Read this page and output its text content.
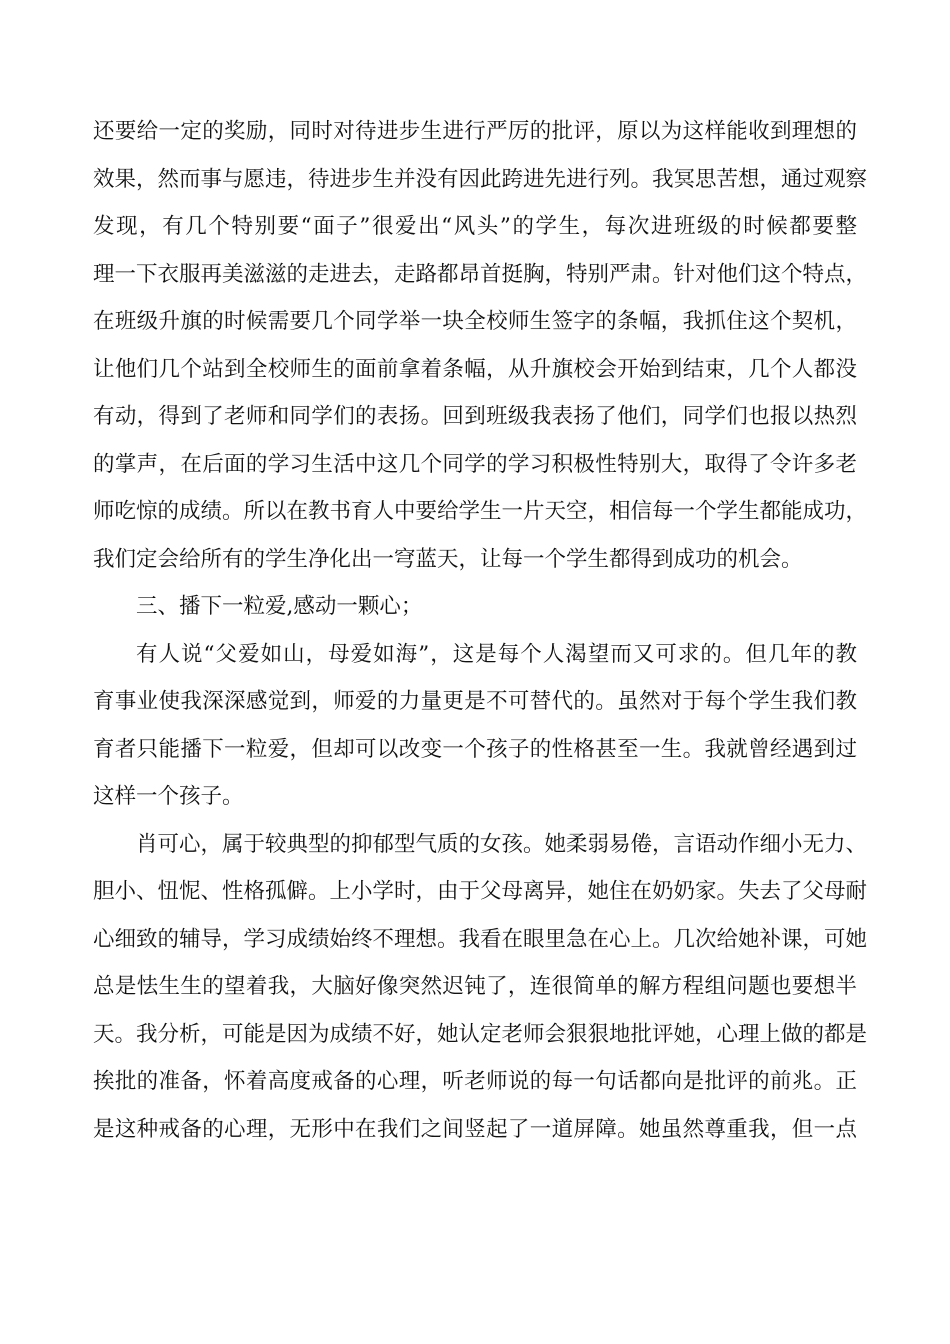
还要给一定的奖励，同时对待进步生进行严厉的批评，原以为这样能收到理想的
效果，然而事与愿违，待进步生并没有因此跨进先进行列。我冥思苦想，通过观察
发现，有几个特别要“面子”很爱出“风头”的学生，每次进班级的时候都要整
理一下衣服再美滋滋的走进去，走路都昂首挺胸，特别严肃。针对他们这个特点，
在班级升旗的时候需要几个同学举一块全校师生签字的条幅，我抓住这个契机，
让他们几个站到全校师生的面前拿着条幅，从升旗校会开始到结束，几个人都没
有动，得到了老师和同学们的表扬。回到班级我表扬了他们，同学们也报以热烈
的掌声，在后面的学习生活中这几个同学的学习积极性特别大，取得了令许多老
师吃惊的成绩。所以在教书育人中要给学生一片天空，相信每一个学生都能成功，
我们定会给所有的学生净化出一穹蓝天，让每一个学生都得到成功的机会。
三、播下一粒爱,感动一颗心；
有人说“父爱如山，母爱如海”，这是每个人渴望而又可求的。但几年的教
育事业使我深深感觉到，师爱的力量更是不可替代的。虽然对于每个学生我们教
育者只能播下一粒爱，但却可以改变一个孩子的性格甚至一生。我就曾经遇到过
这样一个孩子。
肖可心，属于较典型的抑郁型气质的女孩。她柔弱易倦，言语动作细小无力、
胆小、忸怩、性格孤僻。上小学时，由于父母离异，她住在奶奶家。失去了父母耐
心细致的辅导，学习成绩始终不理想。我看在眼里急在心上。几次给她补课，可她
总是怯生生的望着我，大脑好像突然迟钝了，连很简单的解方程组问题也要想半
天。我分析，可能是因为成绩不好，她认定老师会狠狠地批评她，心理上做的都是
挨批的准备，怀着高度戒备的心理，听老师说的每一句话都向是批评的前兆。正
是这种戒备的心理，无形中在我们之间竖起了一道屏障。她虽然尊重我，但一点
